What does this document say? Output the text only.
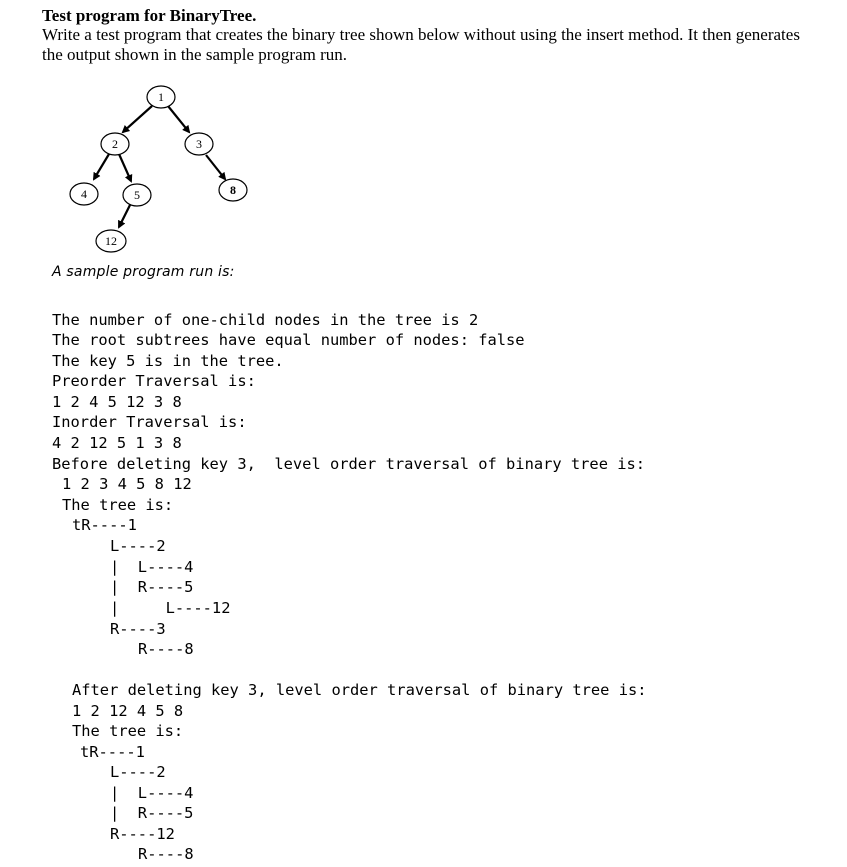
Test program for BinaryTree.
Write a test program that creates the binary tree shown below without using the insert method. It then generates
the output shown in the sample program run.
1
2	3
4	5	8
12
A sample program run is:
The number of one-child nodes in the tree is 2
The root subtrees have equal number of nodes: false
The key 5 is in the tree.
Preorder Traversal is:
1 2 4 5 12 3 8
Inorder Traversal is:
4 2 12 5 1 3 8
Before deleting key 3,  level order traversal of binary tree is:
1 2 3 4 5 8 12
The tree is:
tR----1
L----2
|  L----4
|  R----5
|     L----12
R----3
R----8
After deleting key 3, level order traversal of binary tree is:
1 2 12 4 5 8
The tree is:
tR----1
L----2
|  L----4
|  R----5
R----12
R----8
